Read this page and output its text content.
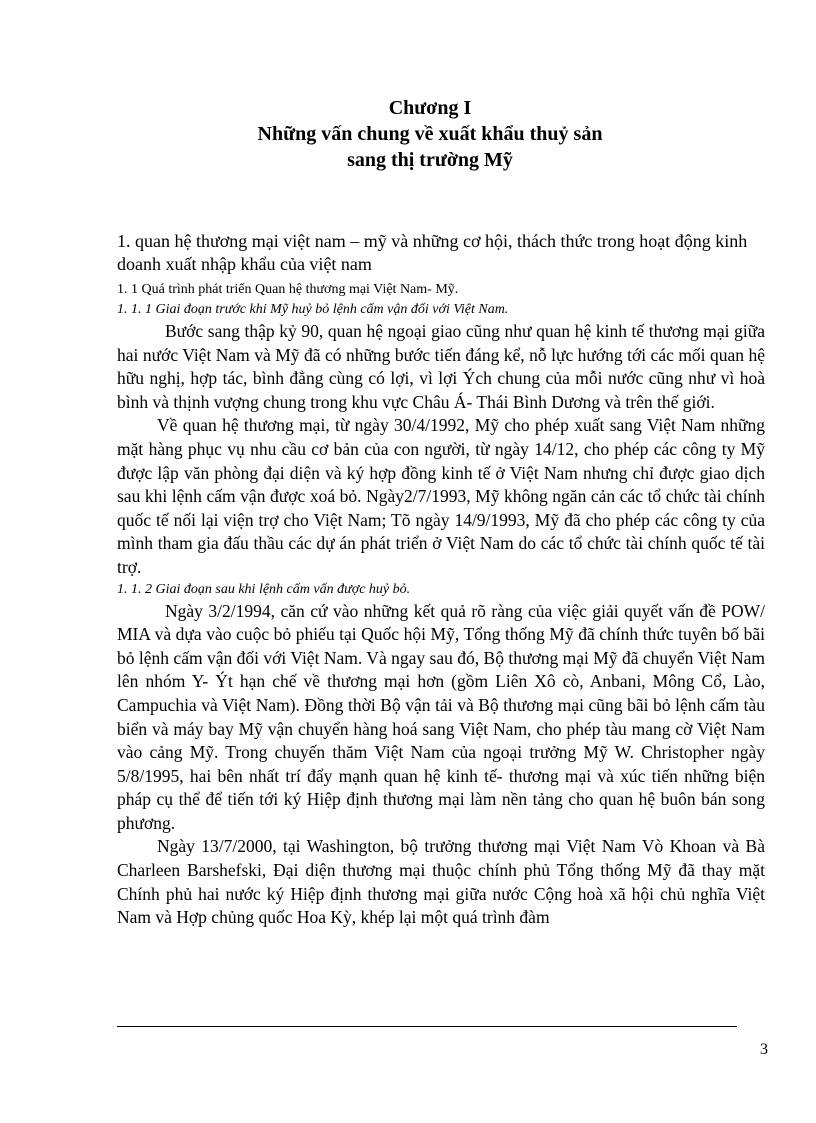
Chương I
Những vấn chung về xuất khẩu thuỷ sản
sang thị trường Mỹ

1. quan hệ thương mại việt nam – mỹ và những cơ hội, thách thức trong hoạt động kinh doanh xuất nhập khẩu của việt nam

1. 1 Quá trình phát triển Quan hệ thương mại Việt Nam- Mỹ.

1. 1. 1 Giai đoạn trước khi Mỹ huỷ bỏ lệnh cấm vận đối với Việt Nam.

Bước sang thập kỷ 90, quan hệ ngoại giao cũng như quan hệ kinh tế thương mại giữa hai nước Việt Nam và Mỹ đã có những bước tiến đáng kể, nỗ lực hướng tới các mối quan hệ hữu nghị, hợp tác, bình đẳng cùng có lợi, vì lợi Ých chung của mỗi nước cũng như vì hoà bình và thịnh vượng chung trong khu vực Châu Á- Thái Bình Dương và trên thế giới.

Về quan hệ thương mại, từ ngày 30/4/1992, Mỹ cho phép xuất sang Việt Nam những mặt hàng phục vụ nhu cầu cơ bản của con người, từ ngày 14/12, cho phép các công ty Mỹ được lập văn phòng đại diện và ký hợp đồng kinh tế ở Việt Nam nhưng chỉ được giao dịch sau khi lệnh cấm vận được xoá bỏ. Ngày2/7/1993, Mỹ không ngăn cản các tổ chức tài chính quốc tế nối lại viện trợ cho Việt Nam; Tõ ngày 14/9/1993, Mỹ đã cho phép các công ty của mình tham gia đấu thầu các dự án phát triển ở Việt Nam do các tổ chức tài chính quốc tế tài trợ.

1. 1. 2 Giai đoạn sau khi lệnh cấm vấn được huỷ bỏ.

Ngày 3/2/1994, căn cứ vào những kết quả rõ ràng của việc giải quyết vấn đề POW/ MIA và dựa vào cuộc bỏ phiếu tại Quốc hội Mỹ, Tổng thống Mỹ đã chính thức tuyên bố bãi bỏ lệnh cấm vận đối với Việt Nam. Và ngay sau đó, Bộ thương mại Mỹ đã chuyển Việt Nam lên nhóm Y- Ýt hạn chế về thương mại hơn (gồm Liên Xô cò, Anbani, Mông Cổ, Lào, Campuchia và Việt Nam). Đồng thời Bộ vận tải và Bộ thương mại cũng bãi bỏ lệnh cấm tàu biển và máy bay Mỹ vận chuyển hàng hoá sang Việt Nam, cho phép tàu mang cờ Việt Nam vào cảng Mỹ. Trong chuyến thăm Việt Nam của ngoại trưởng Mỹ W. Christopher ngày 5/8/1995, hai bên nhất trí đẩy mạnh quan hệ kinh tế- thương mại và xúc tiến những biện pháp cụ thể để tiến tới ký Hiệp định thương mại làm nền tảng cho quan hệ buôn bán song phương.

Ngày 13/7/2000, tại Washington, bộ trưởng thương mại Việt Nam Vò Khoan và Bà Charleen Barshefski, Đại diện thương mại thuộc chính phủ Tổng thống Mỹ đã thay mặt Chính phủ hai nước ký Hiệp định thương mại giữa nước Cộng hoà xã hội chủ nghĩa Việt Nam và Hợp chủng quốc Hoa Kỳ, khép lại một quá trình đàm

3
